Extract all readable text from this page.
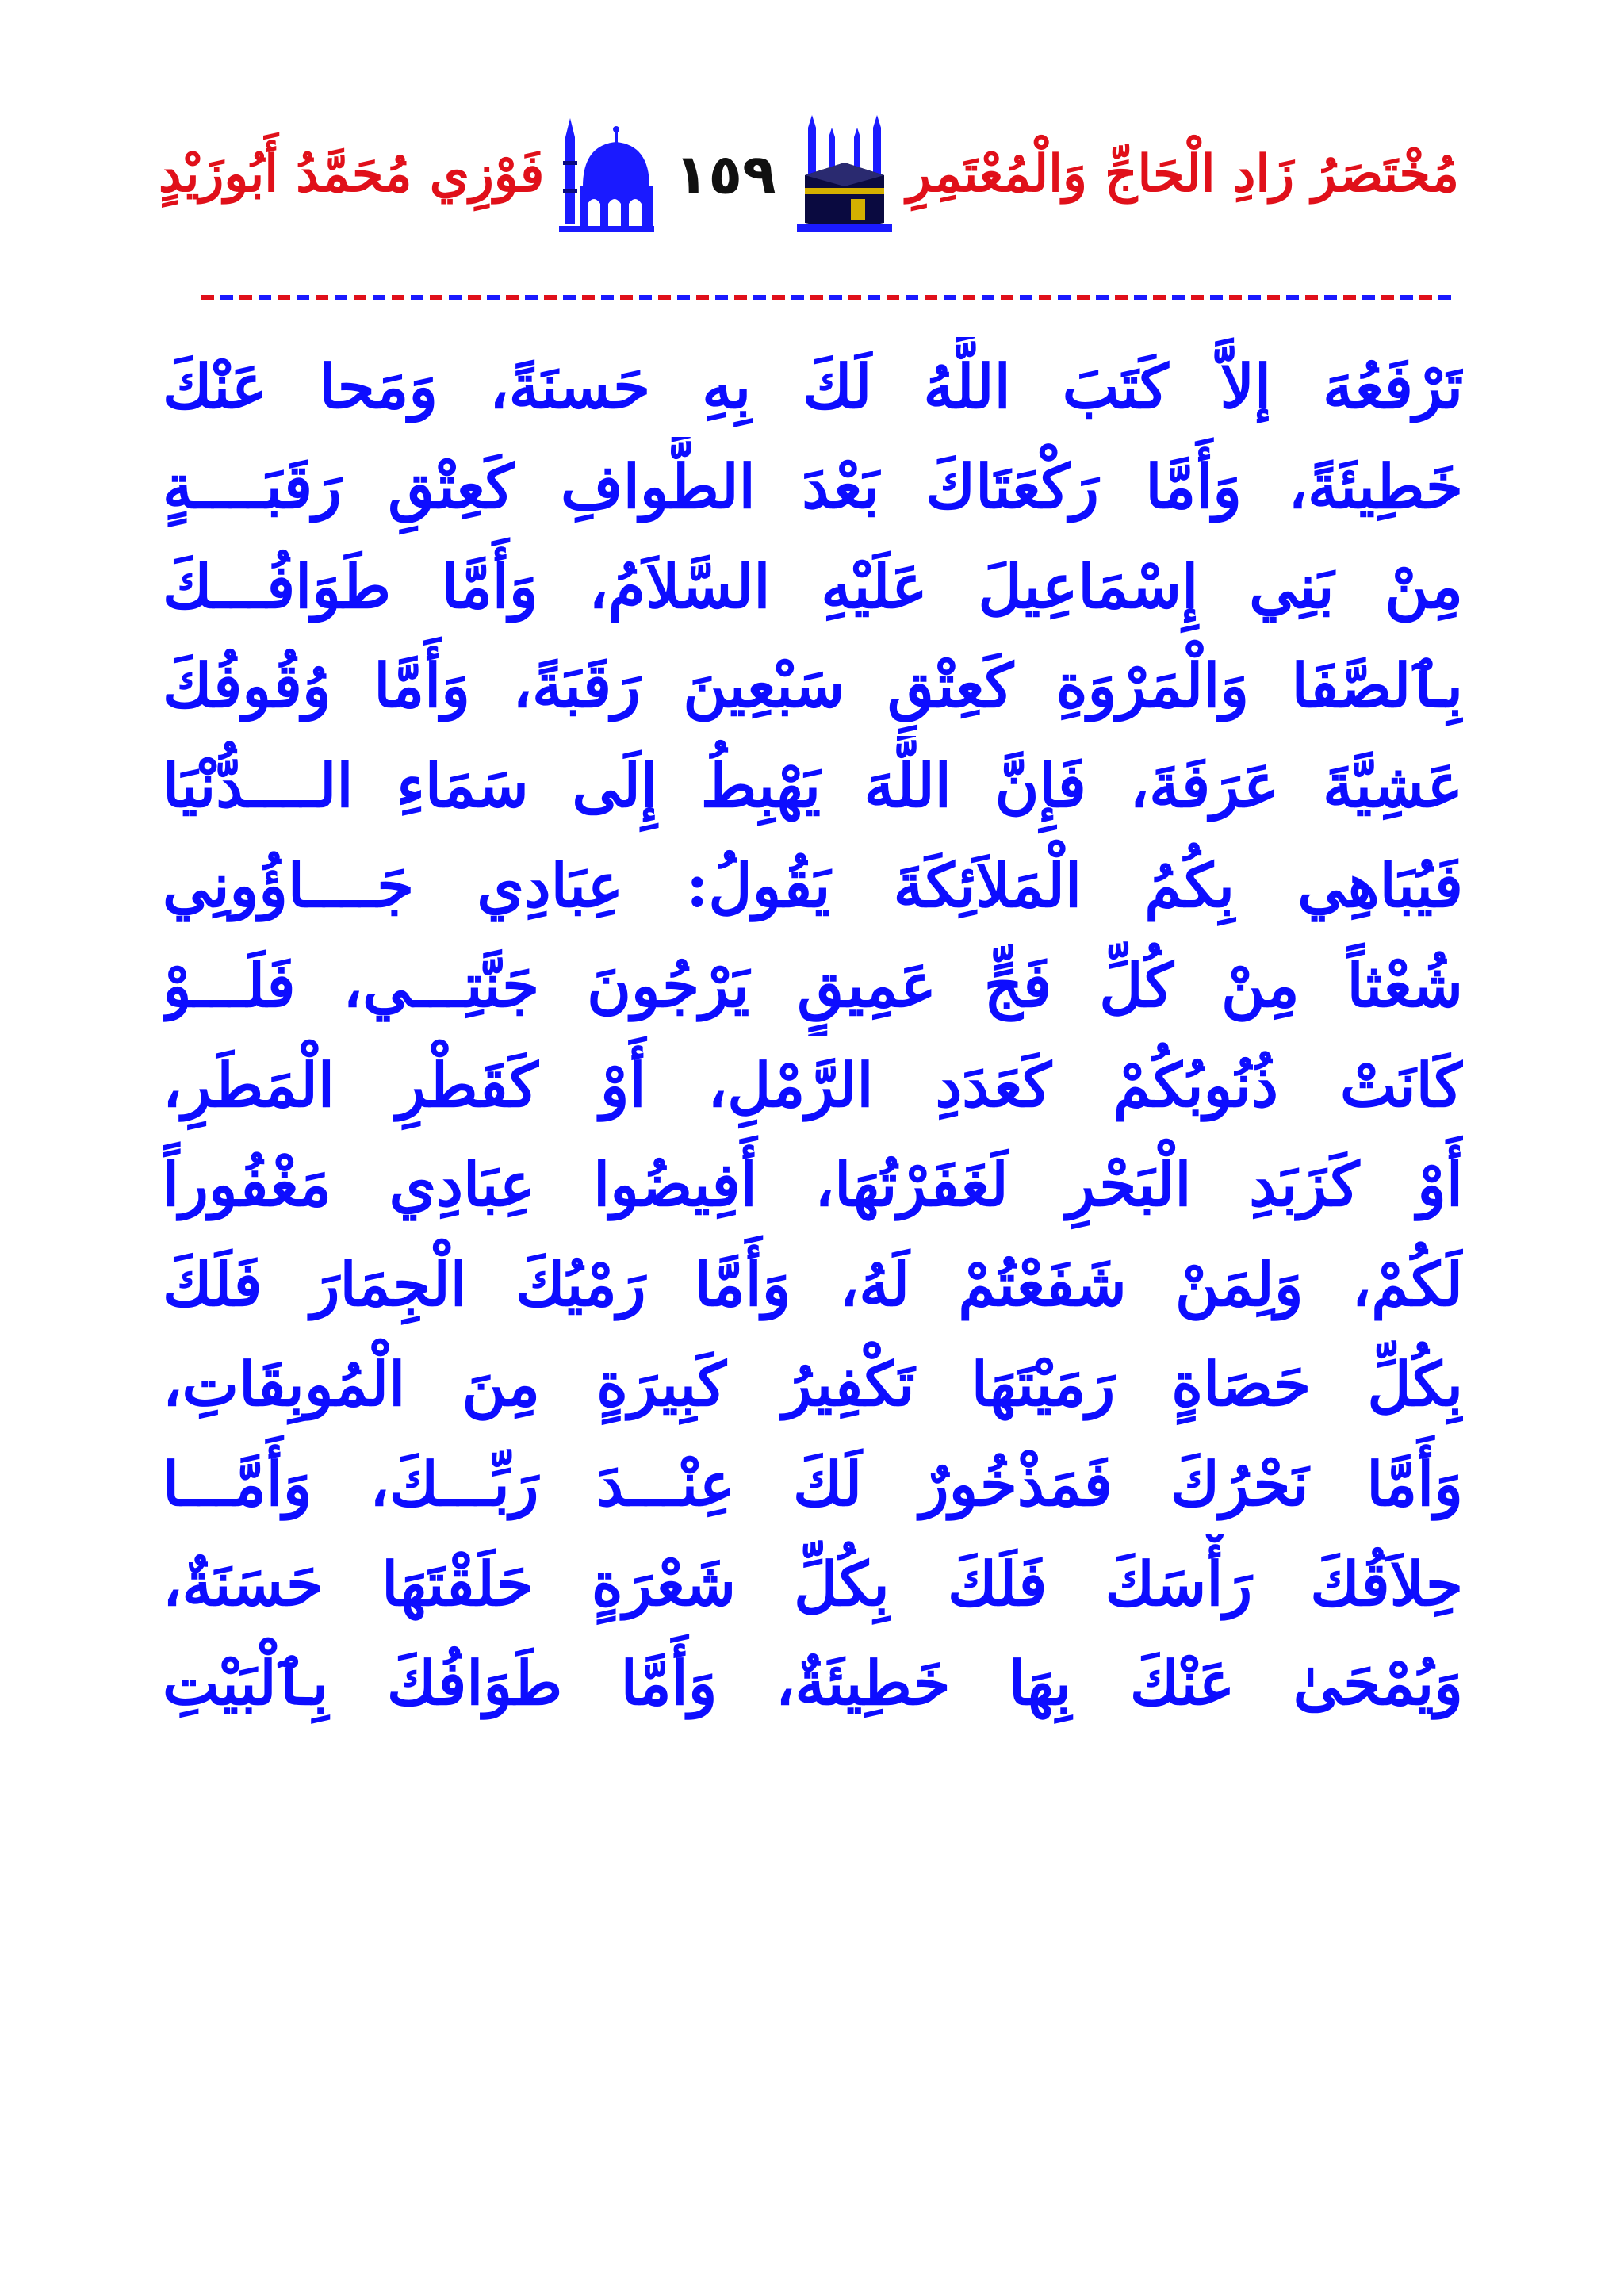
مُخْتَصَرُ زَادِ الْحَاجِّ وَالْمُعْتَمِرِ
١٥٩
فَوْزِي مُحَمَّدُ أَبُوزَيْدٍ
تَرْفَعُهَ إلاَّ كَتَبَ اللَّهُ لَكَ بِهِ حَسنَةً، وَمَحا عَنْكَ
خَطِيئَةً، وَأَمَّا رَكْعَتَاكَ بَعْدَ الطَّوافِ كَعِتْقِ رَقَبَــــةٍ
مِنْ بَنِي إِسْمَاعِيلَ عَلَيْهِ السَّلاَمُ، وَأَمَّا طَوَافُـــكَ
بِٱلصَّفَا وَالْمَرْوَةِ كَعِتْقِ سَبْعِينَ رَقَبَةً، وَأَمَّا وُقُوفُكَ
عَشِيَّةَ عَرَفَةَ، فَإِنَّ اللَّهَ يَهْبِطُ إِلَى سَمَاءِ الــــدُّنْيَا
فَيُبَاهِي بِكُمُ الْمَلاَئِكَةَ يَقُولُ: عِبَادِي جَــــاؤُونِي
شُعْثاً مِنْ كُلِّ فَجٍّ عَمِيقٍ يَرْجُونَ جَنَّتِـــي، فَلَـــوْ
كَانَتْ ذُنُوبُكُمْ كَعَدَدِ الرَّمْلِ، أَوْ كَقَطْرِ الْمَطَرِ،
أَوْ كَزَبَدِ الْبَحْرِ لَغَفَرْتُهَا، أَفِيضُوا عِبَادِي مَغْفُوراً
لَكُمْ، وَلِمَنْ شَفَعْتُمْ لَهُ، وَأَمَّا رَمْيُكَ الْجِمَارَ فَلَكَ
بِكُلِّ حَصَاةٍ رَمَيْتَهَا تَكْفِيرُ كَبِيرَةٍ مِنَ الْمُوبِقَاتِ،
وَأَمَّا نَحْرُكَ فَمَذْخُورٌ لَكَ عِنْـــدَ رَبِّـــكَ، وَأَمَّـــا
حِلاَقُكَ رَأْسَكَ فَلَكَ بِكُلِّ شَعْرَةٍ حَلَقْتَهَا حَسَنَةٌ،
وَيُمْحَىٰ عَنْكَ بِهَا خَطِيئَةٌ، وَأَمَّا طَوَافُكَ بِٱلْبَيْتِ
